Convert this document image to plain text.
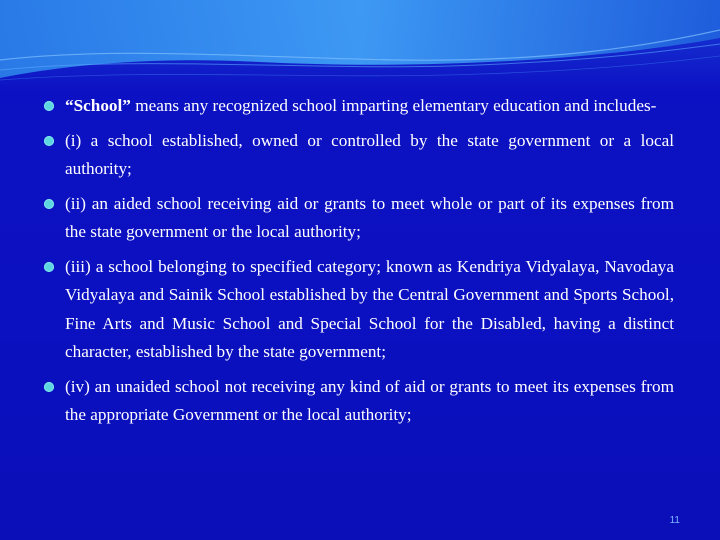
“School” means any recognized school imparting elementary education and includes-
(i) a school established, owned or controlled by the state government or a local authority;
(ii) an aided school receiving aid or grants to meet whole or part of its expenses from the state government or the local authority;
(iii) a school belonging to specified category; known as Kendriya Vidyalaya, Navodaya Vidyalaya and Sainik School established by the Central Government and Sports School, Fine Arts and Music School and Special School for the Disabled, having a distinct character, established by the state government;
(iv) an unaided school not receiving any kind of aid or grants to meet its expenses from the appropriate Government or the local authority;
11
